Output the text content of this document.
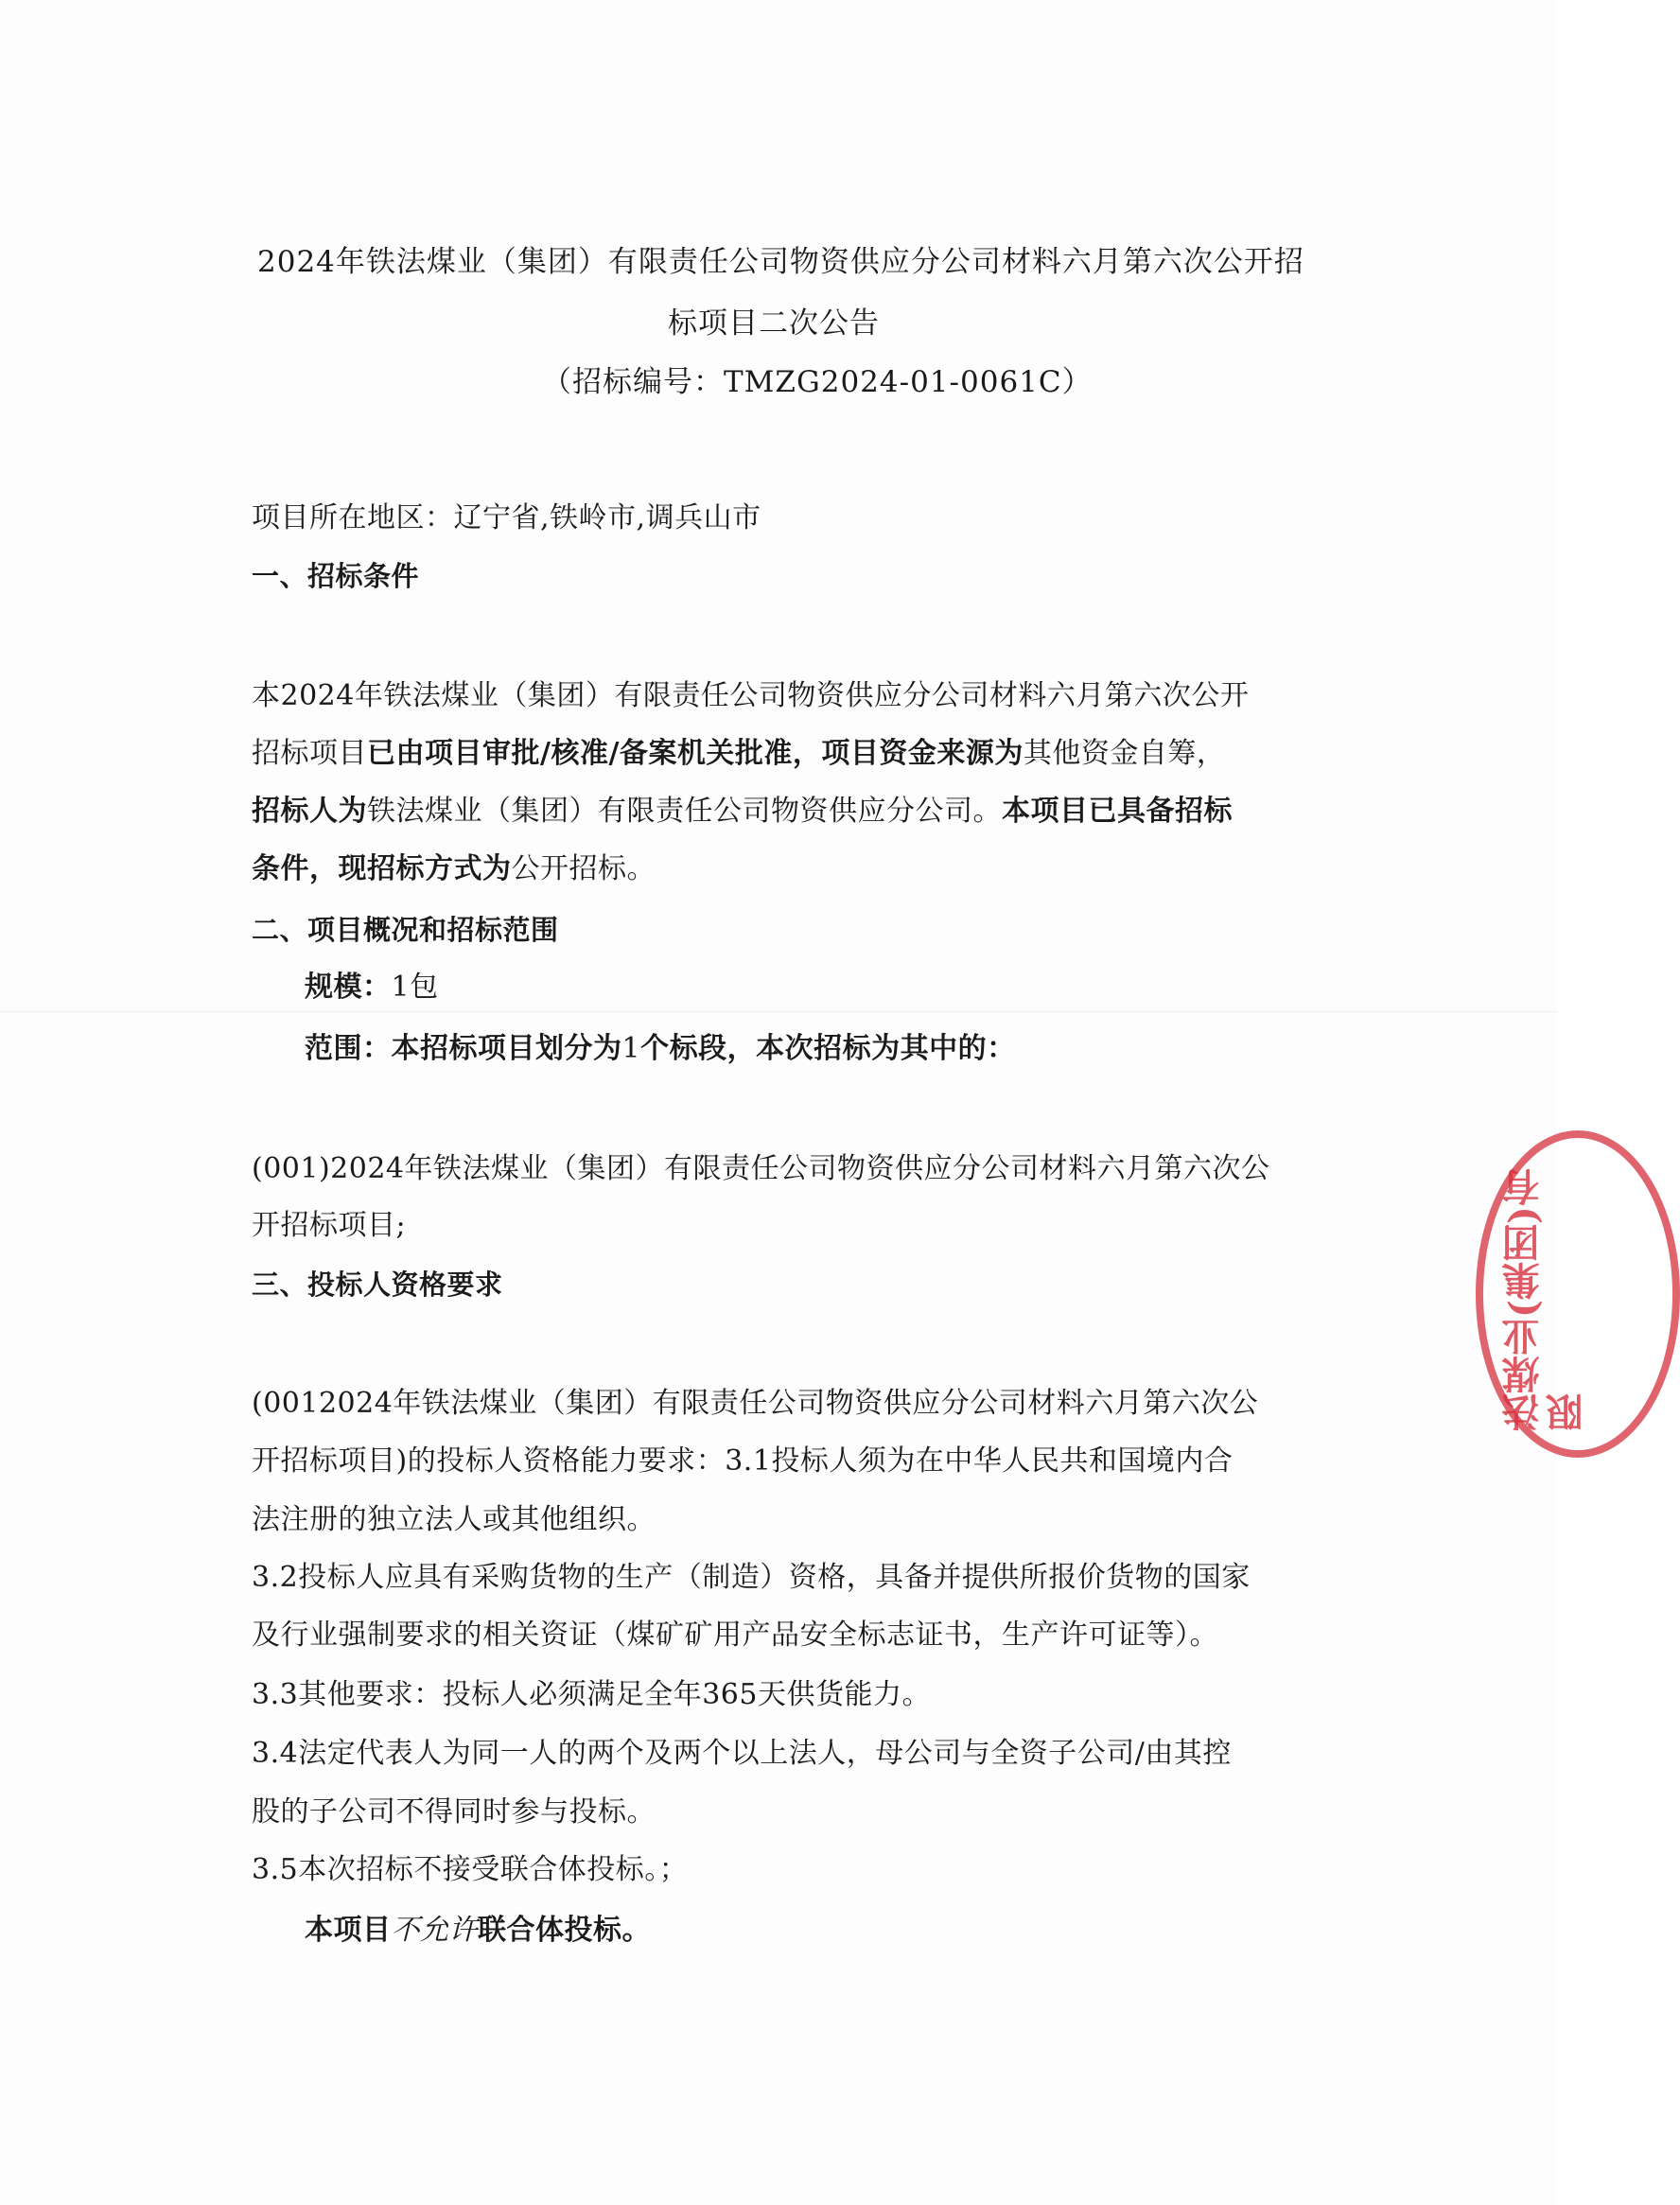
2024年铁法煤业（集团）有限责任公司物资供应分公司材料六月第六次公开招
标项目二次公告
（招标编号：TMZG2024-01-0061C）
项目所在地区：辽宁省,铁岭市,调兵山市
一、招标条件
本2024年铁法煤业（集团）有限责任公司物资供应分公司材料六月第六次公开
招标项目已由项目审批/核准/备案机关批准，项目资金来源为其他资金自筹，
招标人为铁法煤业（集团）有限责任公司物资供应分公司。本项目已具备招标
条件，现招标方式为公开招标。
二、项目概况和招标范围
规模：1包
范围：本招标项目划分为1个标段，本次招标为其中的：
(001)2024年铁法煤业（集团）有限责任公司物资供应分公司材料六月第六次公
开招标项目;
三、投标人资格要求
(0012024年铁法煤业（集团）有限责任公司物资供应分公司材料六月第六次公
开招标项目)的投标人资格能力要求：3.1投标人须为在中华人民共和国境内合
法注册的独立法人或其他组织。
3.2投标人应具有采购货物的生产（制造）资格，具备并提供所报价货物的国家
及行业强制要求的相关资证（煤矿矿用产品安全标志证书，生产许可证等）。
3.3其他要求：投标人必须满足全年365天供货能力。
3.4法定代表人为同一人的两个及两个以上法人，母公司与全资子公司/由其控
股的子公司不得同时参与投标。
3.5本次招标不接受联合体投标。；
本项目不允许联合体投标。
法煤业(集团)有限
